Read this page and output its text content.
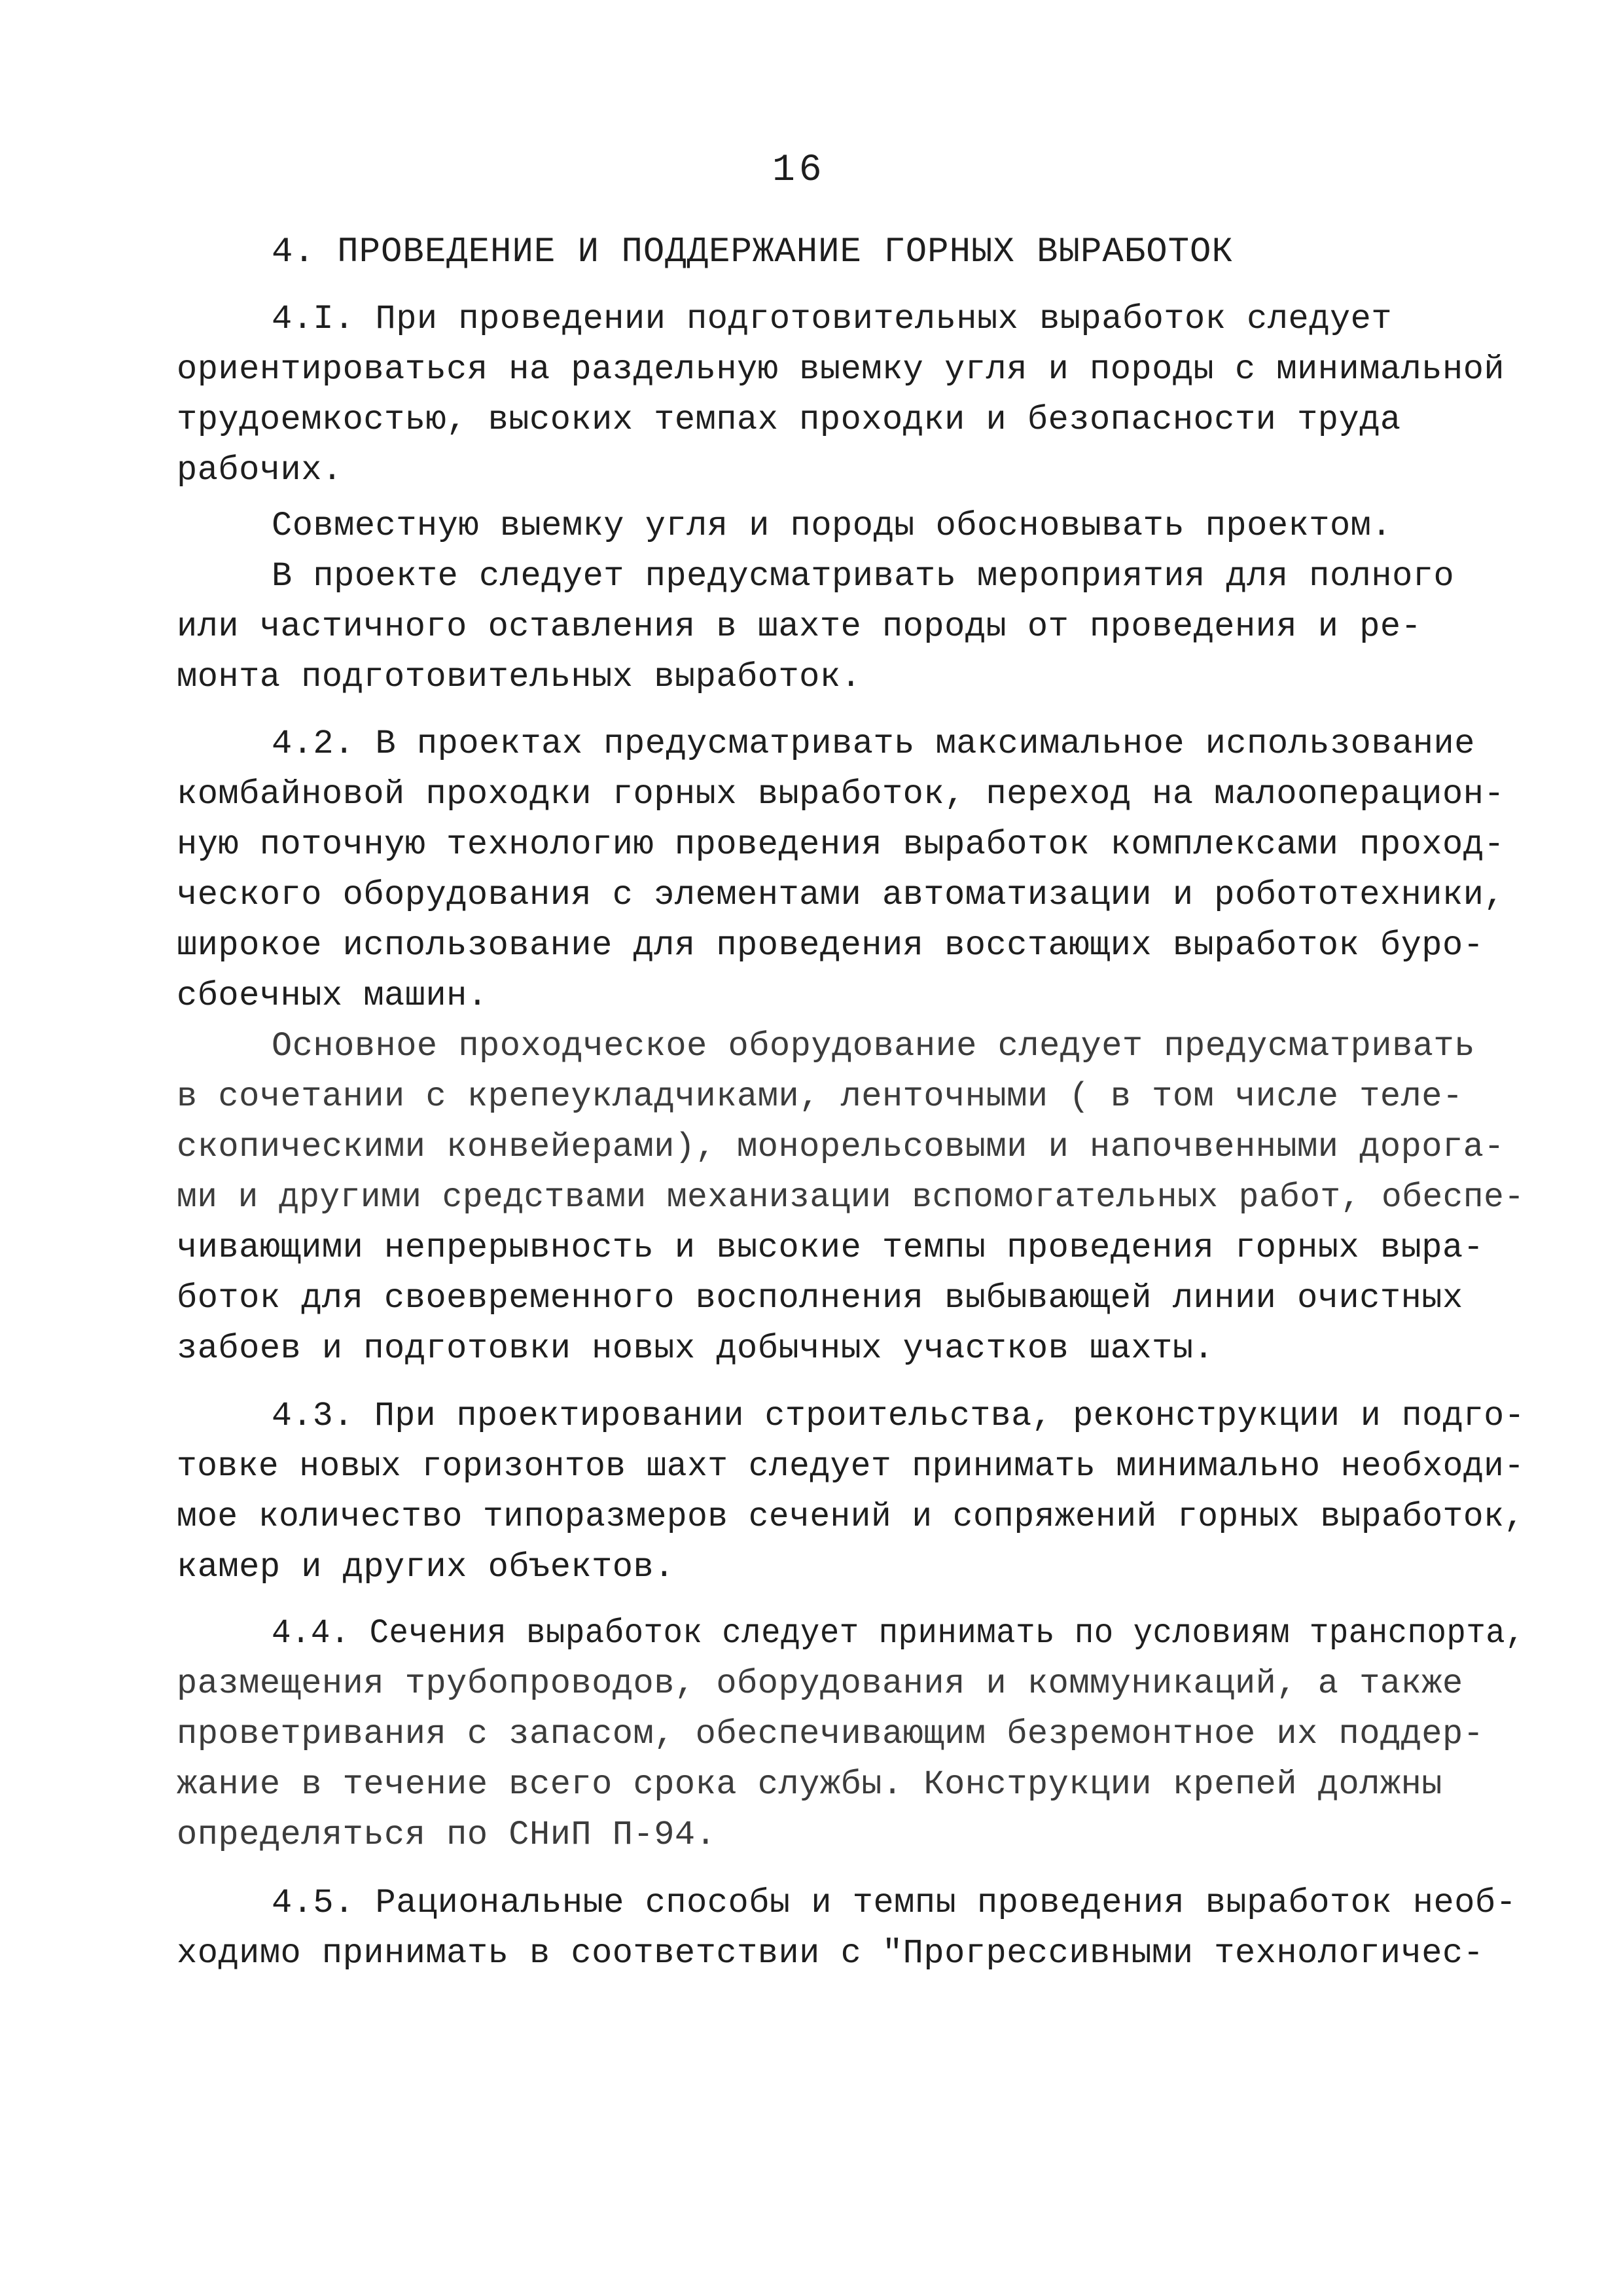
16
4. ПРОВЕДЕНИЕ И ПОДДЕРЖАНИЕ ГОРНЫХ ВЫРАБОТОК
4.I. При проведении подготовительных выработок следует
ориентироваться на раздельную выемку угля и породы с минимальной
трудоемкостью, высоких темпах проходки и безопасности труда
рабочих.
Совместную выемку угля и породы обосновывать проектом.
В проекте следует предусматривать мероприятия для полного
или частичного оставления в шахте породы от проведения и ре-
монта подготовительных выработок.
4.2. В проектах предусматривать максимальное использование
комбайновой проходки горных выработок, переход на малооперацион-
ную поточную технологию проведения выработок комплексами проход-
ческого оборудования с элементами автоматизации и робототехники,
широкое использование для проведения восстающих выработок буро-
сбоечных машин.
Основное проходческое оборудование следует предусматривать
в сочетании с крепеукладчиками, ленточными ( в том числе теле-
скопическими конвейерами), монорельсовыми и напочвенными дорога-
ми и другими средствами механизации вспомогательных работ, обеспе-
чивающими непрерывность и высокие темпы проведения горных выра-
боток для своевременного восполнения выбывающей линии очистных
забоев и подготовки новых добычных участков шахты.
4.3. При проектировании строительства, реконструкции и подго-
товке новых горизонтов шахт следует принимать минимально необходи-
мое количество типоразмеров сечений и сопряжений горных выработок,
камер и других объектов.
4.4. Сечения выработок следует принимать по условиям транспорта,
размещения трубопроводов, оборудования и коммуникаций, а также
проветривания с запасом, обеспечивающим безремонтное их поддер-
жание в течение всего срока службы. Конструкции крепей должны
определяться по СНиП П-94.
4.5. Рациональные способы и темпы проведения выработок необ-
ходимо принимать в соответствии с "Прогрессивными технологичес-
